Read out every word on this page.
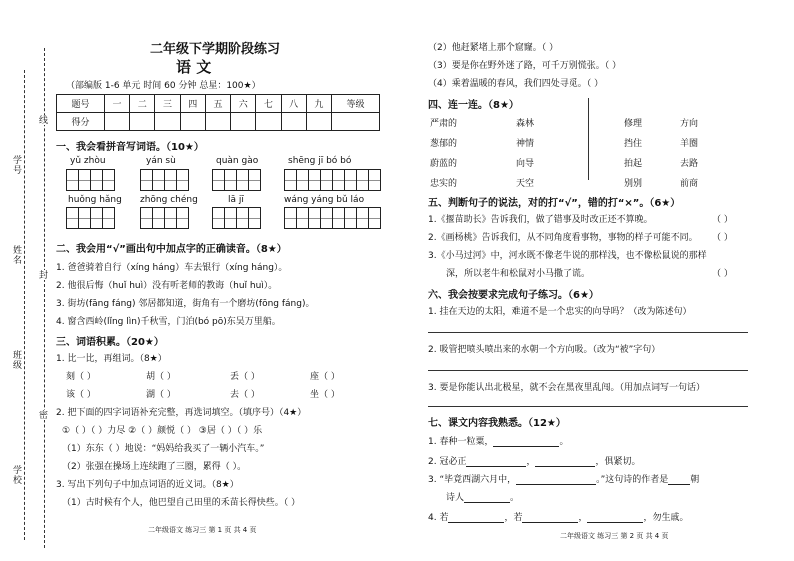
学号
姓名
班级
学校
线
封
密
二年级下学期阶段练习
语 文
（部编版 1-6 单元 时间 60 分钟 总星：100★）
题号	一	二	三	四	五	六	七	八	九	等级
得分										
一、我会看拼音写词语。（10★）
yǔ zhòu	yán sù	quàn gào	shēng jī bó bó
huǒng hǎng zhōng chéng	lā jī	wáng yáng bǔ láo
二、我会用“√”画出句中加点字的正确读音。（8★）
1. 爸爸骑着自行（xíng háng）车去银行（xíng háng）。
2. 他很后悔（huǐ huì）没有听老师的教诲（huǐ huì）。
3. 街坊(fāng fáng) 邻居都知道，街角有一个磨坊(fōng fáng)。
4. 窗含西岭(lǐng lìn)千秋雪，门泊(bó pō)东吴万里船。
三、词语积累。（20★）
1. 比一比，再组词。（8★）
刻（ ）	胡（ ）	丢（ ）	座（ ）
该（ ）	湖（ ）	去（ ）	坐（ ）
2. 把下面的四字词语补充完整，再选词填空。（填序号）（4★）
①（ ）（ ）力尽 ②（ ）颜悦（ ） ③居（ ）（ ）乐
（1）东东（ ）地说：“妈妈给我买了一辆小汽车。”
（2）张强在操场上连续跑了三圈，累得（ ）。
3. 写出下列句子中加点词语的近义词。（8★）
（1）古时候有个人，他巴望自己田里的禾苗长得快些。（ ）
二年级语文 练习三 第 1 页 共 4 页
（2）他赶紧堵上那个窟窿。（ ）
（3）要是你在野外迷了路，可千万别慌张。（ ）
（4）乘着温暖的春风，我们四处寻觅。（ ）
四、连一连。（8★）
严肃的
葱郁的
蔚蓝的
忠实的
森林
神情
向导
天空
修理
挡住
拍起
别别
方向
羊圈
去路
前商
五、判断句子的说法，对的打“√”，错的打“×”。（6★）
1.《揠苗助长》告诉我们，做了错事及时改正还不算晚。	（ ）
2.《画杨桃》告诉我们，从不同角度看事物，事物的样子可能不同。 （ ）
3.《小马过河》中，河水既不像老牛说的那样浅，也不像松鼠说的那样
深，所以老牛和松鼠对小马撒了谎。	（ ）
六、我会按要求完成句子练习。（6★）
1. 挂在天边的太阳，难道不是一个忠实的向导吗？（改为陈述句）
2. 吸管把喷头喷出来的水朝一个方向吸。（改为“被”字句）
3. 要是你能认出北极星，就不会在黑夜里乱闯。（用加点词写一句话）
七、课文内容我熟悉。（12★）
1. 春种一粒粟，	。
2. 冠必正	，	，俱紧切。
3. “毕竟西湖六月中，	。”这句诗的作者是 朝
诗人	。
4. 若	，若	，	，勿生戚。
二年级语文 练习三 第 2 页 共 4 页
